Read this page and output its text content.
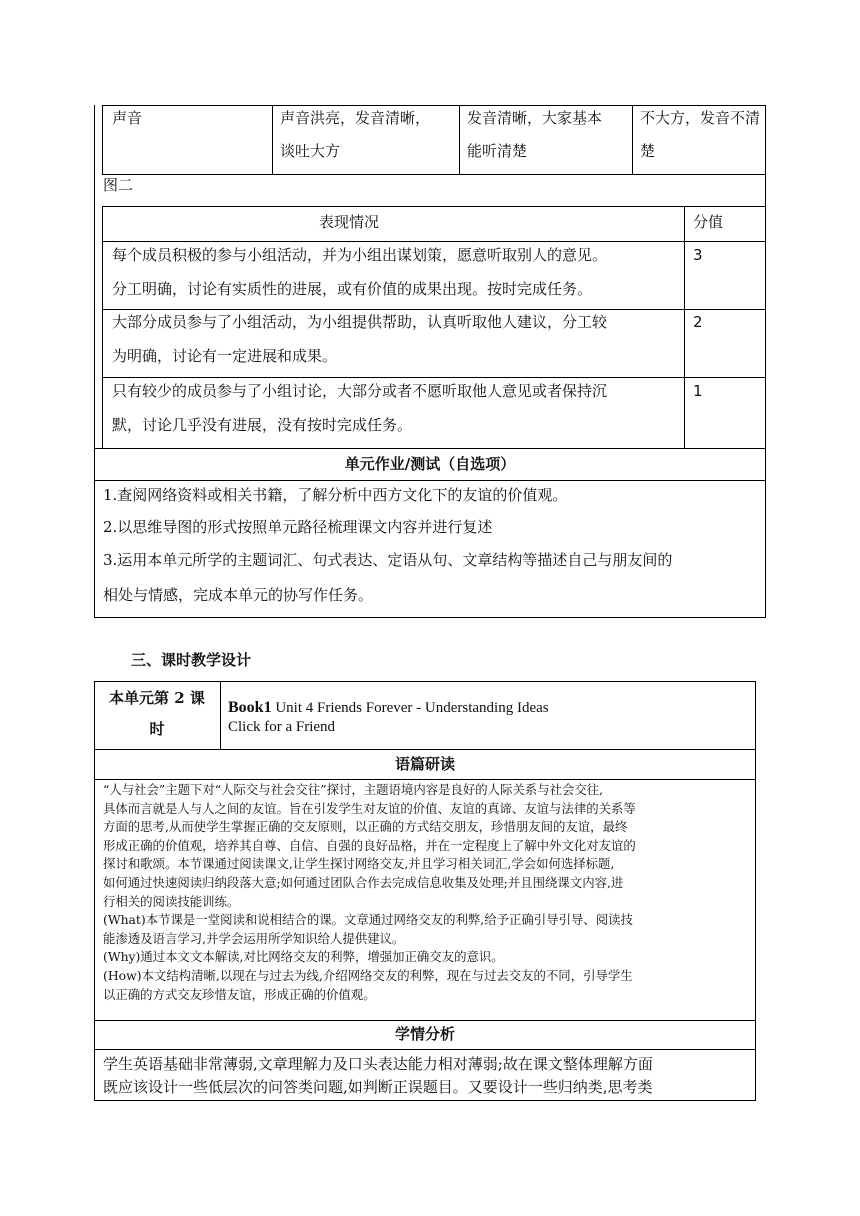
声音	声音洪亮，发音清晰，
谈吐大方
发音清晰，大家基本
能听清楚
不大方，发音不清
楚
图二
表现情况	分值
每个成员积极的参与小组活动，并为小组出谋划策，愿意听取别人的意见。
分工明确，讨论有实质性的进展，或有价值的成果出现。按时完成任务。
3
大部分成员参与了小组活动，为小组提供帮助，认真听取他人建议，分工较
为明确，讨论有一定进展和成果。
2
只有较少的成员参与了小组讨论，大部分或者不愿听取他人意见或者保持沉
默，讨论几乎没有进展，没有按时完成任务。
1
单元作业/测试（自选项）
1.查阅网络资料或相关书籍，了解分析中西方文化下的友谊的价值观。
2.以思维导图的形式按照单元路径梳理课文内容并进行复述
3.运用本单元所学的主题词汇、句式表达、定语从句、文章结构等描述自己与朋友间的
相处与情感，完成本单元的协写作任务。
三、课时教学设计
本单元第 2 课
时
Book1 Unit 4 Friends Forever - Understanding Ideas
Click for a Friend
语篇研读
“人与社会”主题下对“人际交与社会交往”探讨，主题语境内容是良好的人际关系与社会交往,
具体而言就是人与人之间的友谊。旨在引发学生对友谊的价值、友谊的真谛、友谊与法律的关系等
方面的思考,从而使学生掌握正确的交友原则，以正确的方式结交朋友，珍惜朋友间的友谊，最终
形成正确的价值观，培养其自尊、自信、自强的良好品格，并在一定程度上了解中外文化对友谊的
探讨和歌颂。本节课通过阅读课文,让学生探讨网络交友,并且学习相关词汇,学会如何选择标题,
如何通过快速阅读归纳段落大意;如何通过团队合作去完成信息收集及处理;并且围绕课文内容,进
行相关的阅读技能训练。
(What)本节课是一堂阅读和说相结合的课。文章通过网络交友的利弊,给予正确引导引导、阅读技
能渗透及语言学习,并学会运用所学知识给人提供建议。
(Why)通过本文文本解读,对比网络交友的利弊，增强加正确交友的意识。
(How)本文结构清晰,以现在与过去为线,介绍网络交友的利弊，现在与过去交友的不同，引导学生
以正确的方式交友珍惜友谊，形成正确的价值观。
学情分析
学生英语基础非常薄弱,文章理解力及口头表达能力相对薄弱;故在课文整体理解方面
既应该设计一些低层次的问答类问题,如判断正误题目。又要设计一些归纳类,思考类
